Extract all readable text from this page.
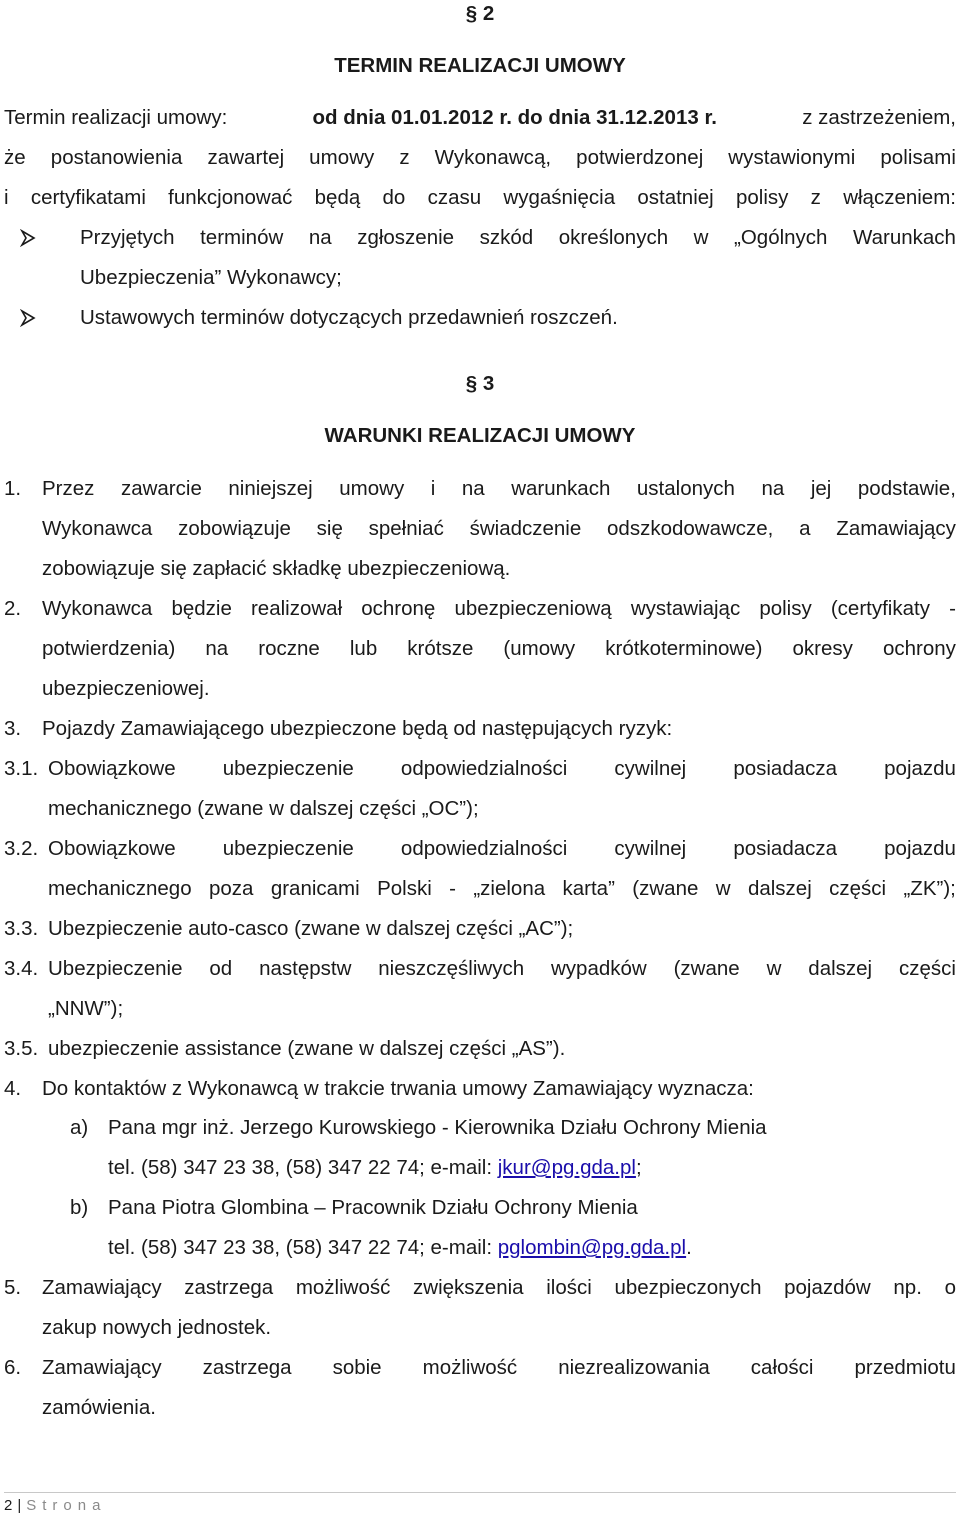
§ 2
TERMIN REALIZACJI UMOWY
Termin realizacji umowy:	od dnia 01.01.2012 r. do dnia 31.12.2013 r.	z zastrzeżeniem,
że postanowienia zawartej umowy z Wykonawcą, potwierdzonej wystawionymi polisami
i certyfikatami funkcjonować będą do czasu wygaśnięcia ostatniej polisy z włączeniem:
Przyjętych terminów na zgłoszenie szkód określonych w „Ogólnych Warunkach
Ubezpieczenia” Wykonawcy;
Ustawowych terminów dotyczących przedawnień roszczeń.
§ 3
WARUNKI REALIZACJI UMOWY
1. Przez zawarcie niniejszej umowy i na warunkach ustalonych na jej podstawie,
Wykonawca zobowiązuje się spełniać świadczenie odszkodowawcze, a Zamawiający
zobowiązuje się zapłacić składkę ubezpieczeniową.
2. Wykonawca będzie realizował ochronę ubezpieczeniową wystawiając polisy (certyfikaty -
potwierdzenia) na roczne lub krótsze (umowy krótkoterminowe) okresy ochrony
ubezpieczeniowej.
3. Pojazdy Zamawiającego ubezpieczone będą od następujących ryzyk:
3.1. Obowiązkowe ubezpieczenie odpowiedzialności cywilnej posiadacza pojazdu
mechanicznego (zwane w dalszej części „OC”);
3.2. Obowiązkowe ubezpieczenie odpowiedzialności cywilnej posiadacza pojazdu
mechanicznego poza granicami Polski - „zielona karta” (zwane w dalszej części „ZK”);
3.3. Ubezpieczenie auto-casco (zwane w dalszej części „AC”);
3.4. Ubezpieczenie od następstw nieszczęśliwych wypadków (zwane w dalszej części
„NNW”);
3.5. ubezpieczenie assistance (zwane w dalszej części „AS”).
4. Do kontaktów z Wykonawcą w trakcie trwania umowy Zamawiający wyznacza:
a) Pana mgr inż. Jerzego Kurowskiego - Kierownika Działu Ochrony Mienia
tel. (58) 347 23 38, (58) 347 22 74; e-mail: jkur@pg.gda.pl;
b) Pana Piotra Glombina – Pracownik Działu Ochrony Mienia
tel. (58) 347 23 38, (58) 347 22 74; e-mail: pglombin@pg.gda.pl.
5. Zamawiający zastrzega możliwość zwiększenia ilości ubezpieczonych pojazdów np. o
zakup nowych jednostek.
6. Zamawiający zastrzega sobie możliwość niezrealizowania całości przedmiotu
zamówienia.
2 | Strona
